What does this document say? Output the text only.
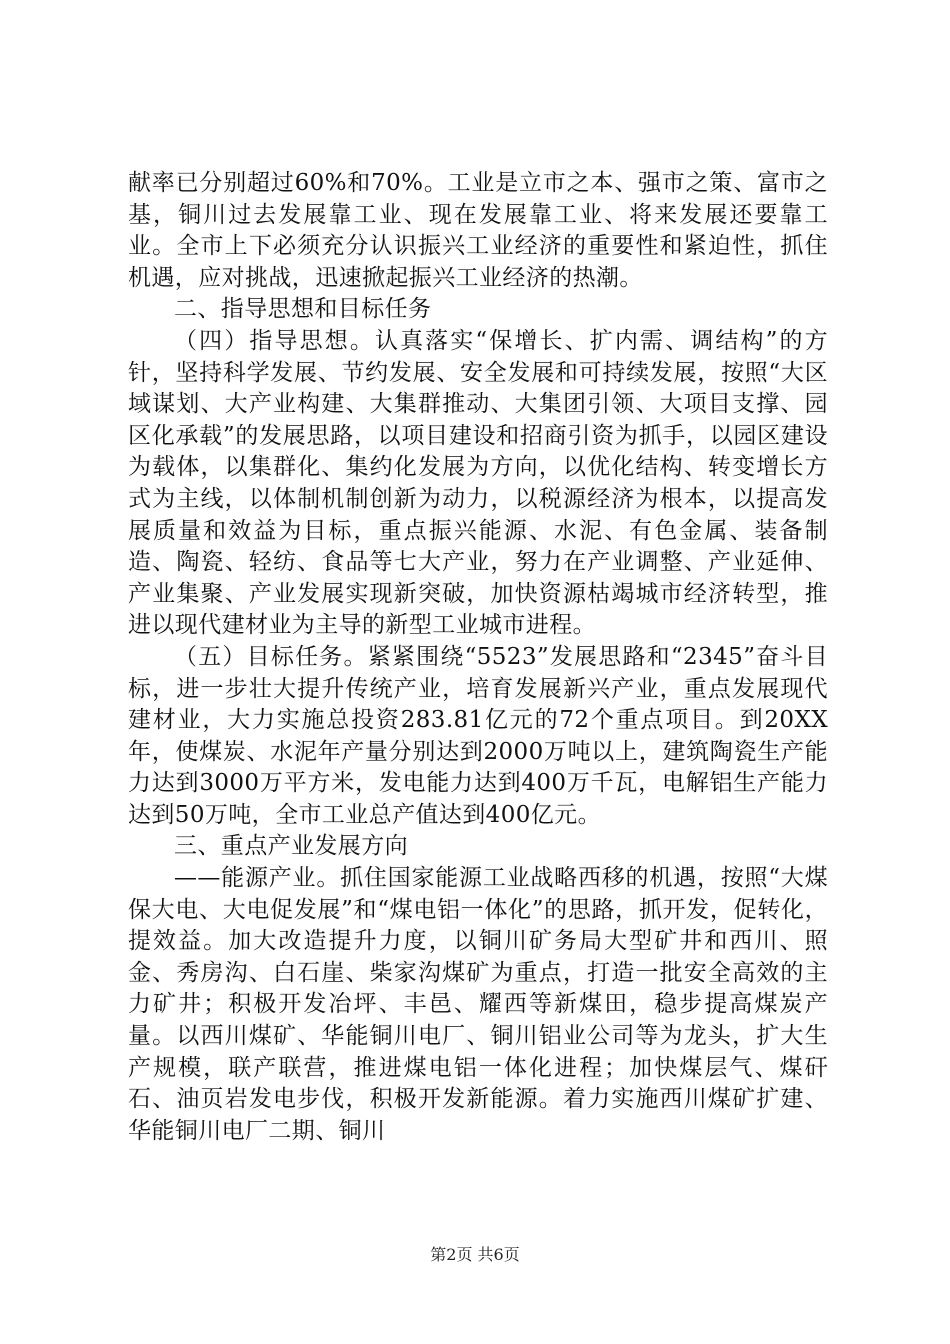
献率已分别超过60%和70%。工业是立市之本、强市之策、富市之基，铜川过去发展靠工业、现在发展靠工业、将来发展还要靠工业。全市上下必须充分认识振兴工业经济的重要性和紧迫性，抓住机遇，应对挑战，迅速掀起振兴工业经济的热潮。

二、指导思想和目标任务

（四）指导思想。认真落实“保增长、扩内需、调结构”的方针，坚持科学发展、节约发展、安全发展和可持续发展，按照“大区域谋划、大产业构建、大集群推动、大集团引领、大项目支撑、园区化承载”的发展思路，以项目建设和招商引资为抓手，以园区建设为载体，以集群化、集约化发展为方向，以优化结构、转变增长方式为主线，以体制机制创新为动力，以税源经济为根本，以提高发展质量和效益为目标，重点振兴能源、水泥、有色金属、装备制造、陶瓷、轻纺、食品等七大产业，努力在产业调整、产业延伸、产业集聚、产业发展实现新突破，加快资源枯竭城市经济转型，推进以现代建材业为主导的新型工业城市进程。

（五）目标任务。紧紧围绕“5523”发展思路和“2345”奋斗目标，进一步壮大提升传统产业，培育发展新兴产业，重点发展现代建材业，大力实施总投资283.81亿元的72个重点项目。到20XX年，使煤炭、水泥年产量分别达到2000万吨以上，建筑陶瓷生产能力达到3000万平方米，发电能力达到400万千瓦，电解铝生产能力达到50万吨，全市工业总产值达到400亿元。

三、重点产业发展方向

——能源产业。抓住国家能源工业战略西移的机遇，按照“大煤保大电、大电促发展”和“煤电铝一体化”的思路，抓开发，促转化，提效益。加大改造提升力度，以铜川矿务局大型矿井和西川、照金、秀房沟、白石崖、柴家沟煤矿为重点，打造一批安全高效的主力矿井；积极开发冶坪、丰邑、耀西等新煤田，稳步提高煤炭产量。以西川煤矿、华能铜川电厂、铜川铝业公司等为龙头，扩大生产规模，联产联营，推进煤电铝一体化进程；加快煤层气、煤矸石、油页岩发电步伐，积极开发新能源。着力实施西川煤矿扩建、华能铜川电厂二期、铜川

第2页 共6页
